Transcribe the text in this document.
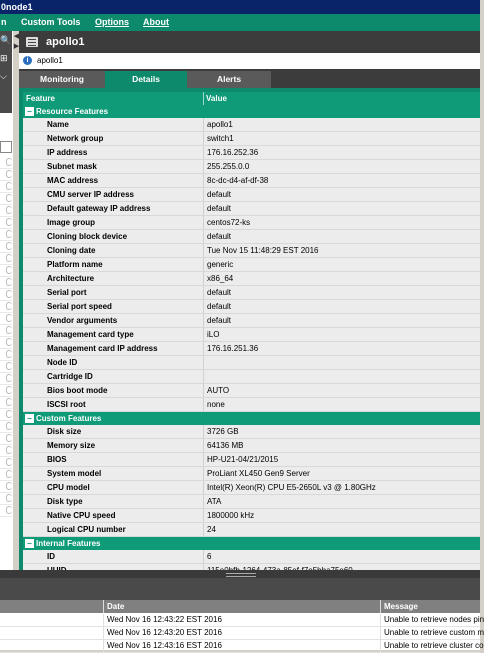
0node1
n Custom Tools Options About
🔍
⊞
⌵
◀
▶ apollo1
i	apollo1
Monitoring	Details	Alerts
Feature	Value
− Resource Features
Name	apollo1
Network group	switch1
IP address	176.16.252.36
Subnet mask	255.255.0.0
MAC address	8c-dc-d4-af-df-38
CMU server IP address	default
Default gateway IP address	default
Image group	centos72-ks
Cloning block device	default
Cloning date	Tue Nov 15 11:48:29 EST 2016
Platform name	generic
Architecture	x86_64
Serial port	default
Serial port speed	default
Vendor arguments	default
Management card type	iLO
Management card IP address	176.16.251.36
Node ID
Cartridge ID
Bios boot mode	AUTO
ISCSI root	none
− Custom Features
Disk size	3726 GB
Memory size	64136 MB
BIOS	HP-U21-04/21/2015
System model	ProLiant XL450 Gen9 Server
CPU model	Intel(R) Xeon(R) CPU E5-2650L v3 @ 1.80GHz
Disk type	ATA
Native CPU speed	1800000 kHz
Logical CPU number	24
− Internal Features
ID	6
Date	Message
Wed Nov 16 12:43:22 EST 2016	Unable to retrieve nodes pin
Wed Nov 16 12:43:20 EST 2016	Unable to retrieve custom m
Wed Nov 16 12:43:16 EST 2016	Unable to retrieve cluster co
